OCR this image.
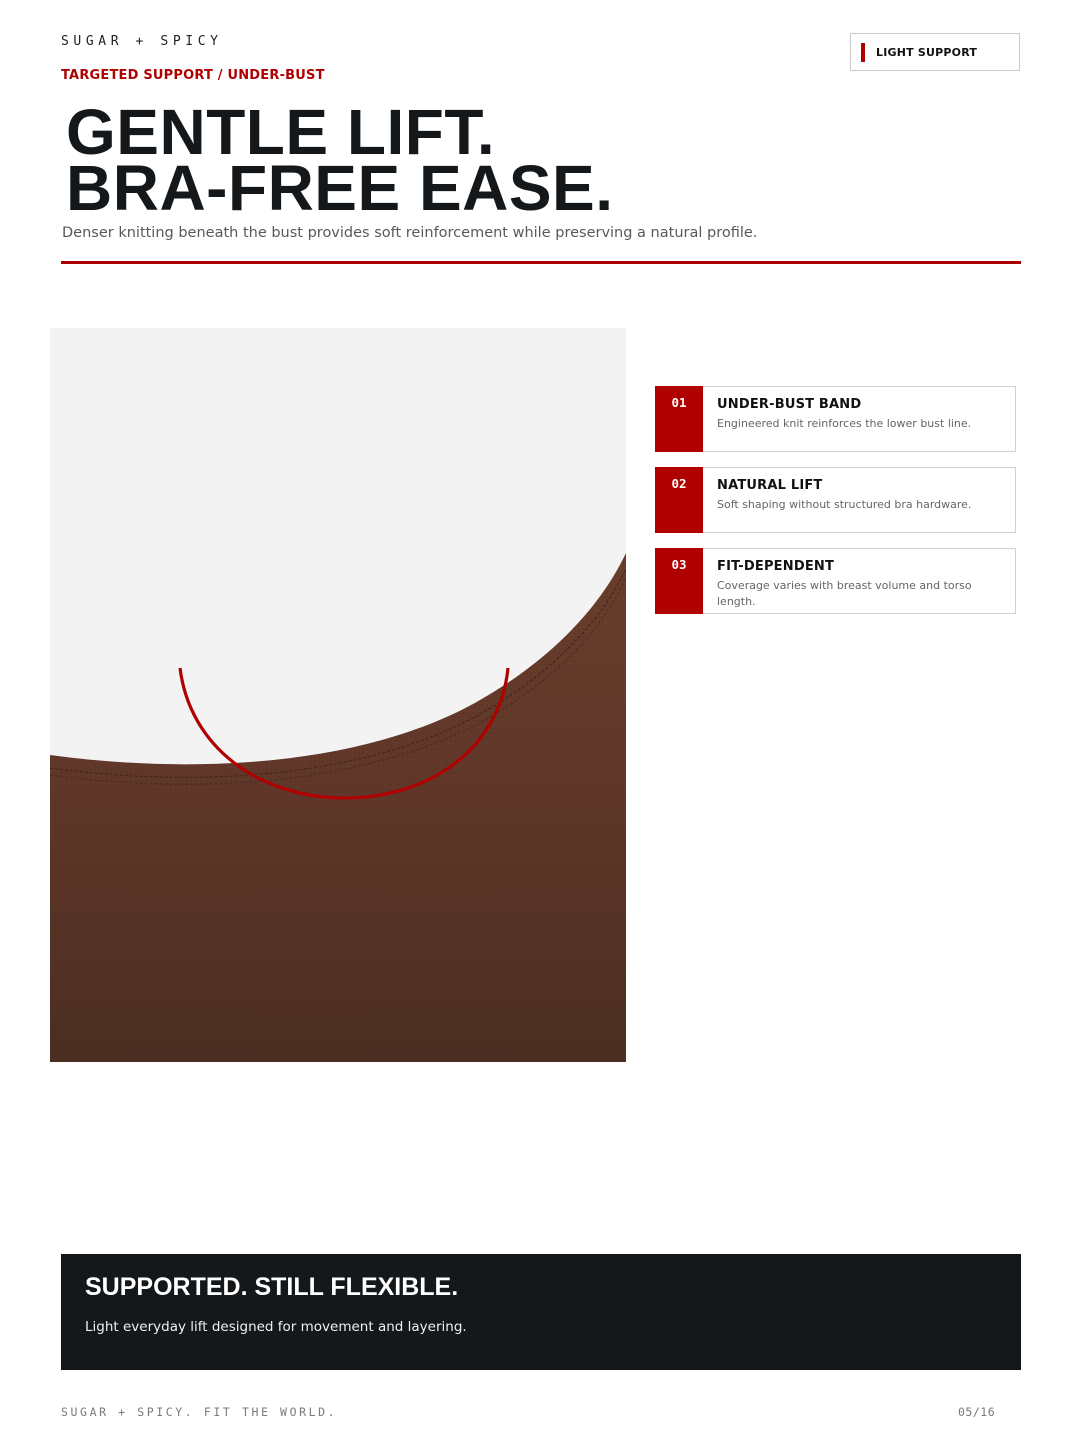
SUGAR + SPICY
LIGHT SUPPORT
TARGETED SUPPORT / UNDER-BUST
GENTLE LIFT.
BRA-FREE EASE.
Denser knitting beneath the bust provides soft reinforcement while preserving a natural profile.
01	UNDER-BUST BAND
Engineered knit reinforces the lower bust line.
02	NATURAL LIFT
Soft shaping without structured bra hardware.
03	FIT-DEPENDENT
Coverage varies with breast volume and torso length.
SUPPORTED. STILL FLEXIBLE.
Light everyday lift designed for movement and layering.
SUGAR + SPICY. FIT THE WORLD.	05/16
